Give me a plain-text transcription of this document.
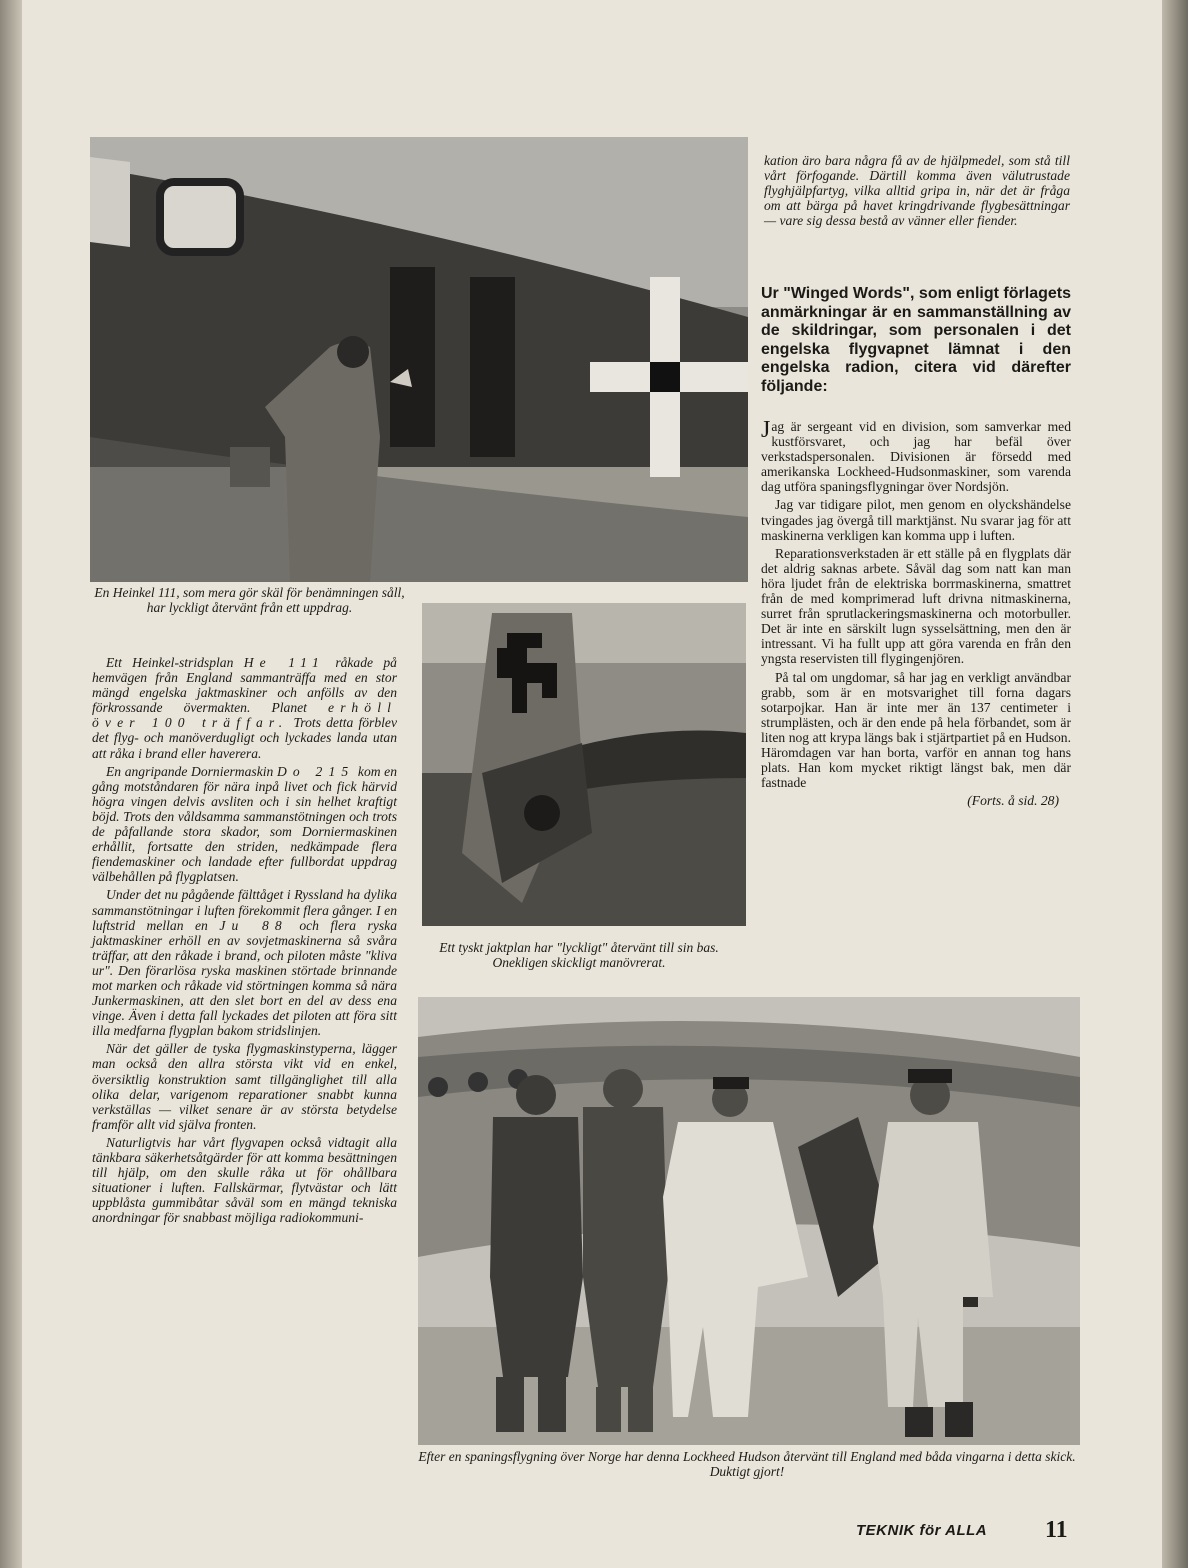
En Heinkel 111, som mera gör skäl för benämningen såll, har lyckligt återvänt från ett uppdrag.
Ett tyskt jaktplan har "lyckligt" återvänt till sin bas. Onekligen skickligt manövrerat.
Efter en spaningsflygning över Norge har denna Lockheed Hudson återvänt till England med båda vingarna i detta skick. Duktigt gjort!

Ett Heinkel-stridsplan He 111 råkade på hemvägen från England sammanträffa med en stor mängd engelska jaktmaskiner och anfölls av den förkrossande övermakten. Planet erhöll över 100 träffar. Trots detta förblev det flyg- och manöverdugligt och lyckades landa utan att råka i brand eller haverera.

En angripande Dorniermaskin Do 215 kom en gång motståndaren för nära inpå livet och fick härvid högra vingen delvis avsliten och i sin helhet kraftigt böjd. Trots den våldsamma sammanstötningen och trots de påfallande stora skador, som Dorniermaskinen erhållit, fortsatte den striden, nedkämpade flera fiendemaskiner och landade efter fullbordat uppdrag välbehållen på flygplatsen.

Under det nu pågående fälttåget i Ryssland ha dylika sammanstötningar i luften förekommit flera gånger. I en luftstrid mellan en Ju 88 och flera ryska jaktmaskiner erhöll en av sovjetmaskinerna så svåra träffar, att den råkade i brand, och piloten måste "kliva ur". Den förarlösa ryska maskinen störtade brinnande mot marken och råkade vid störtningen komma så nära Junkermaskinen, att den slet bort en del av dess ena vinge. Även i detta fall lyckades det piloten att föra sitt illa medfarna flygplan bakom stridslinjen.

När det gäller de tyska flygmaskinstyperna, lägger man också den allra största vikt vid en enkel, översiktlig konstruktion samt tillgänglighet till alla olika delar, varigenom reparationer snabbt kunna verkställas — vilket senare är av största betydelse framför allt vid själva fronten.

Naturligtvis har vårt flygvapen också vidtagit alla tänkbara säkerhetsåtgärder för att komma besättningen till hjälp, om den skulle råka ut för ohållbara situationer i luften. Fallskärmar, flytvästar och lätt uppblåsta gummibåtar såväl som en mängd tekniska anordningar för snabbast möjliga radiokommuni-

kation äro bara några få av de hjälpmedel, som stå till vårt förfogande. Därtill komma även välutrustade flyghjälpfartyg, vilka alltid gripa in, när det är fråga om att bärga på havet kringdrivande flygbesättningar — vare sig dessa bestå av vänner eller fiender.
Ur "Winged Words", som enligt förlagets anmärkningar är en sammanställning av de skildringar, som personalen i det engelska flygvapnet lämnat i den engelska radion, citera vid därefter följande:

Jag är sergeant vid en division, som samverkar med kustförsvaret, och jag har befäl över verkstadspersonalen. Divisionen är försedd med amerikanska Lockheed-Hudsonmaskiner, som varenda dag utföra spaningsflygningar över Nordsjön.

Jag var tidigare pilot, men genom en olyckshändelse tvingades jag övergå till marktjänst. Nu svarar jag för att maskinerna verkligen kan komma upp i luften.

Reparationsverkstaden är ett ställe på en flygplats där det aldrig saknas arbete. Såväl dag som natt kan man höra ljudet från de elektriska borrmaskinerna, smattret från de med komprimerad luft drivna nitmaskinerna, surret från sprutlackeringsmaskinerna och motorbuller. Det är inte en särskilt lugn sysselsättning, men den är intressant. Vi ha fullt upp att göra varenda en från den yngsta reservisten till flygingenjören.

På tal om ungdomar, så har jag en verkligt användbar grabb, som är en motsvarighet till forna dagars sotarpojkar. Han är inte mer än 137 centimeter i strumplästen, och är den ende på hela förbandet, som är liten nog att krypa längs bak i stjärtpartiet på en Hudson. Häromdagen var han borta, varför en annan tog hans plats. Han kom mycket riktigt längst bak, men där fastnade

(Forts. å sid. 28)

TEKNIK för ALLA 11
